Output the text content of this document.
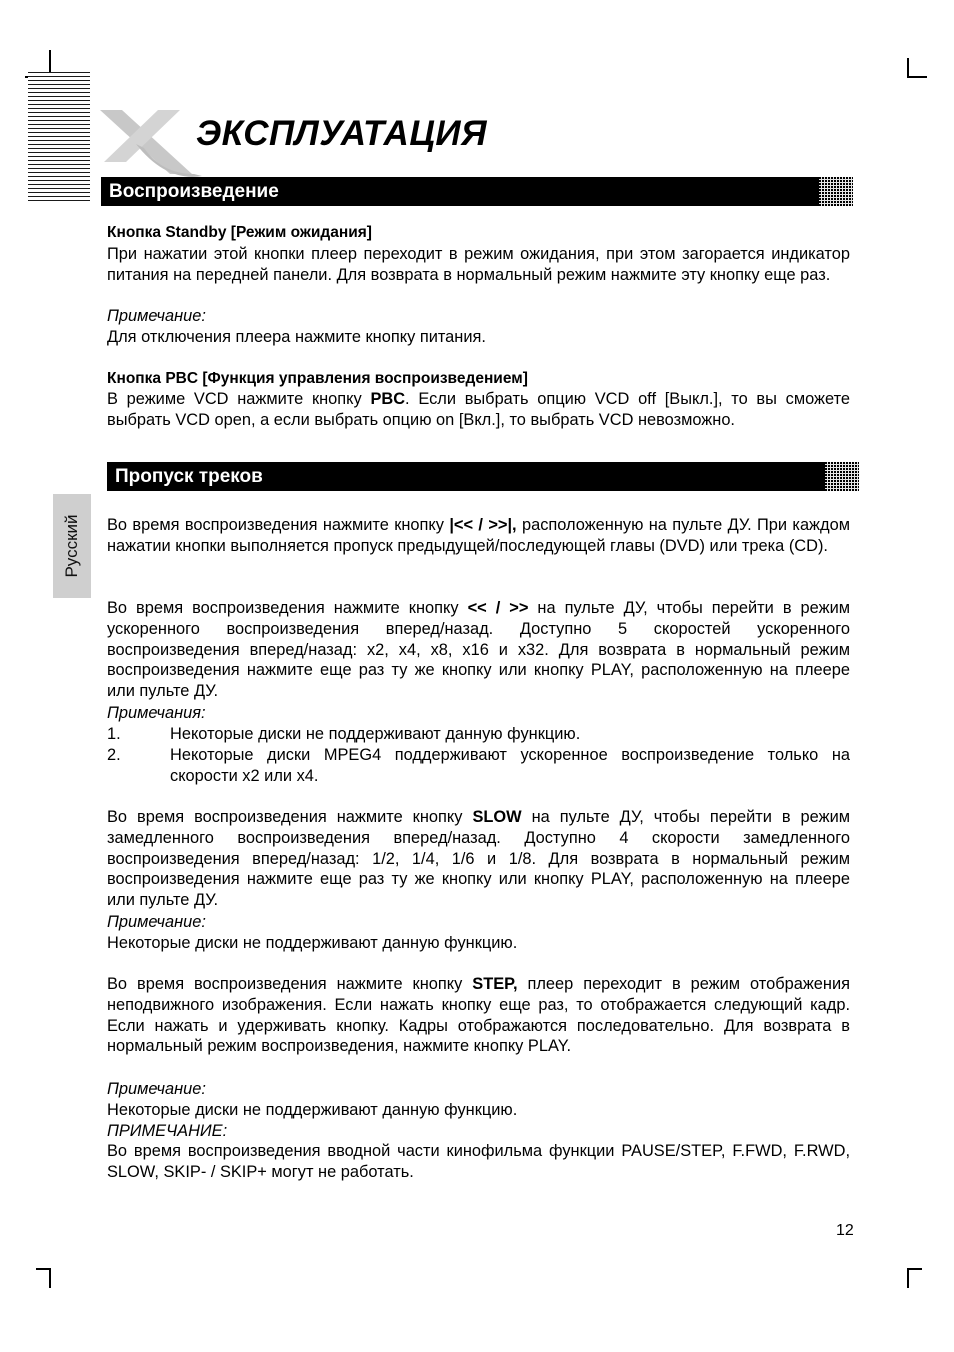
ЭКСПЛУАТАЦИЯ
Воспроизведение

Кнопка Standby [Режим ожидания]

При нажатии этой кнопки плеер переходит в режим ожидания, при этом загорается индикатор питания на передней панели. Для возврата в нормальный режим нажмите эту кнопку еще раз.

Примечание:

Для отключения плеера нажмите кнопку питания.

Кнопка PBC [Функция управления воспроизведением]

В режиме VCD нажмите кнопку PBC. Если выбрать опцию VCD off [Выкл.], то вы сможете выбрать VCD open, а если выбрать опцию on [Вкл.], то выбрать VCD невозможно.

Пропуск треков
Русский Во время воспроизведения нажмите кнопку |<< / >>|, расположенную на пульте ДУ. При каждом нажатии кнопки выполняется пропуск предыдущей/последующей главы (DVD) или трека (CD).

Во время воспроизведения нажмите кнопку << / >> на пульте ДУ, чтобы перейти в режим ускоренного воспроизведения вперед/назад. Доступно 5 скоростей ускоренного воспроизведения вперед/назад: x2, x4, x8, x16 и x32. Для возврата в нормальный режим воспроизведения нажмите еще раз ту же кнопку или кнопку PLAY, расположенную на плеере или пульте ДУ.

Примечания:

1.	Некоторые диски не поддерживают данную функцию.
2.	Некоторые диски MPEG4 поддерживают ускоренное воспроизведение только на скорости x2 или x4.

Во время воспроизведения нажмите кнопку SLOW на пульте ДУ, чтобы перейти в режим замедленного воспроизведения вперед/назад. Доступно 4 скорости замедленного воспроизведения вперед/назад: 1/2, 1/4, 1/6 и 1/8. Для возврата в нормальный режим воспроизведения нажмите еще раз ту же кнопку или кнопку PLAY, расположенную на плеере или пульте ДУ.

Примечание:

Некоторые диски не поддерживают данную функцию.

Во время воспроизведения нажмите кнопку STEP, плеер переходит в режим отображения неподвижного изображения. Если нажать кнопку еще раз, то отображается следующий кадр. Если нажать и удерживать кнопку. Кадры отображаются последовательно. Для возврата в нормальный режим воспроизведения, нажмите кнопку PLAY.

Примечание:

Некоторые диски не поддерживают данную функцию.

ПРИМЕЧАНИЕ:

Во время воспроизведения вводной части кинофильма функции PAUSE/STEP, F.FWD, F.RWD, SLOW, SKIP- / SKIP+ могут не работать.

12
